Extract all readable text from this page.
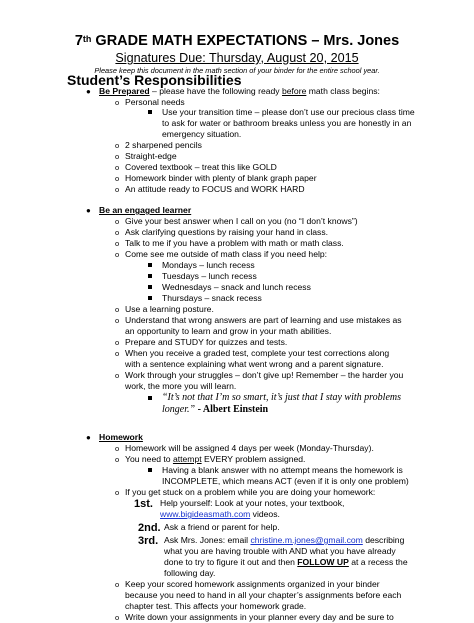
7th GRADE MATH EXPECTATIONS – Mrs. Jones
Signatures Due: Thursday, August 20, 2015
Please keep this document in the math section of your binder for the entire school year.
Student’s Responsibilities
● Be Prepared – please have the following ready before math class begins:
o Personal needs
Use your transition time – please don’t use our precious class time
to ask for water or bathroom breaks unless you are honestly in an
emergency situation.
o 2 sharpened pencils
o Straight-edge
o Covered textbook – treat this like GOLD
o Homework binder with plenty of blank graph paper
o An attitude ready to FOCUS and WORK HARD
● Be an engaged learner
o Give your best answer when I call on you (no “I don’t knows”)
o Ask clarifying questions by raising your hand in class.
o Talk to me if you have a problem with math or math class.
o Come see me outside of math class if you need help:
Mondays – lunch recess
Tuesdays – lunch recess
Wednesdays – snack and lunch recess
Thursdays – snack recess
o Use a learning posture.
o Understand that wrong answers are part of learning and use mistakes as
an opportunity to learn and grow in your math abilities.
o Prepare and STUDY for quizzes and tests.
o When you receive a graded test, complete your test corrections along
with a sentence explaining what went wrong and a parent signature.
o Work through your struggles – don’t give up! Remember – the harder you
work, the more you will learn.
“It’s not that I’m so smart, it’s just that I stay with problems
longer.” - Albert Einstein
● Homework
o Homework will be assigned 4 days per week (Monday-Thursday).
o You need to attempt EVERY problem assigned.
Having a blank answer with no attempt means the homework is
INCOMPLETE, which means ACT (even if it is only one problem)
o If you get stuck on a problem while you are doing your homework:
1st. Help yourself: Look at your notes, your textbook,
www.bigideasmath.com videos.
2nd. Ask a friend or parent for help.
3rd. Ask Mrs. Jones: email christine.m.jones@gmail.com describing
what you are having trouble with AND what you have already
done to try to figure it out and then FOLLOW UP at a recess the
following day.
o Keep your scored homework assignments organized in your binder
because you need to hand in all your chapter’s assignments before each
chapter test. This affects your homework grade.
o Write down your assignments in your planner every day and be sure to
